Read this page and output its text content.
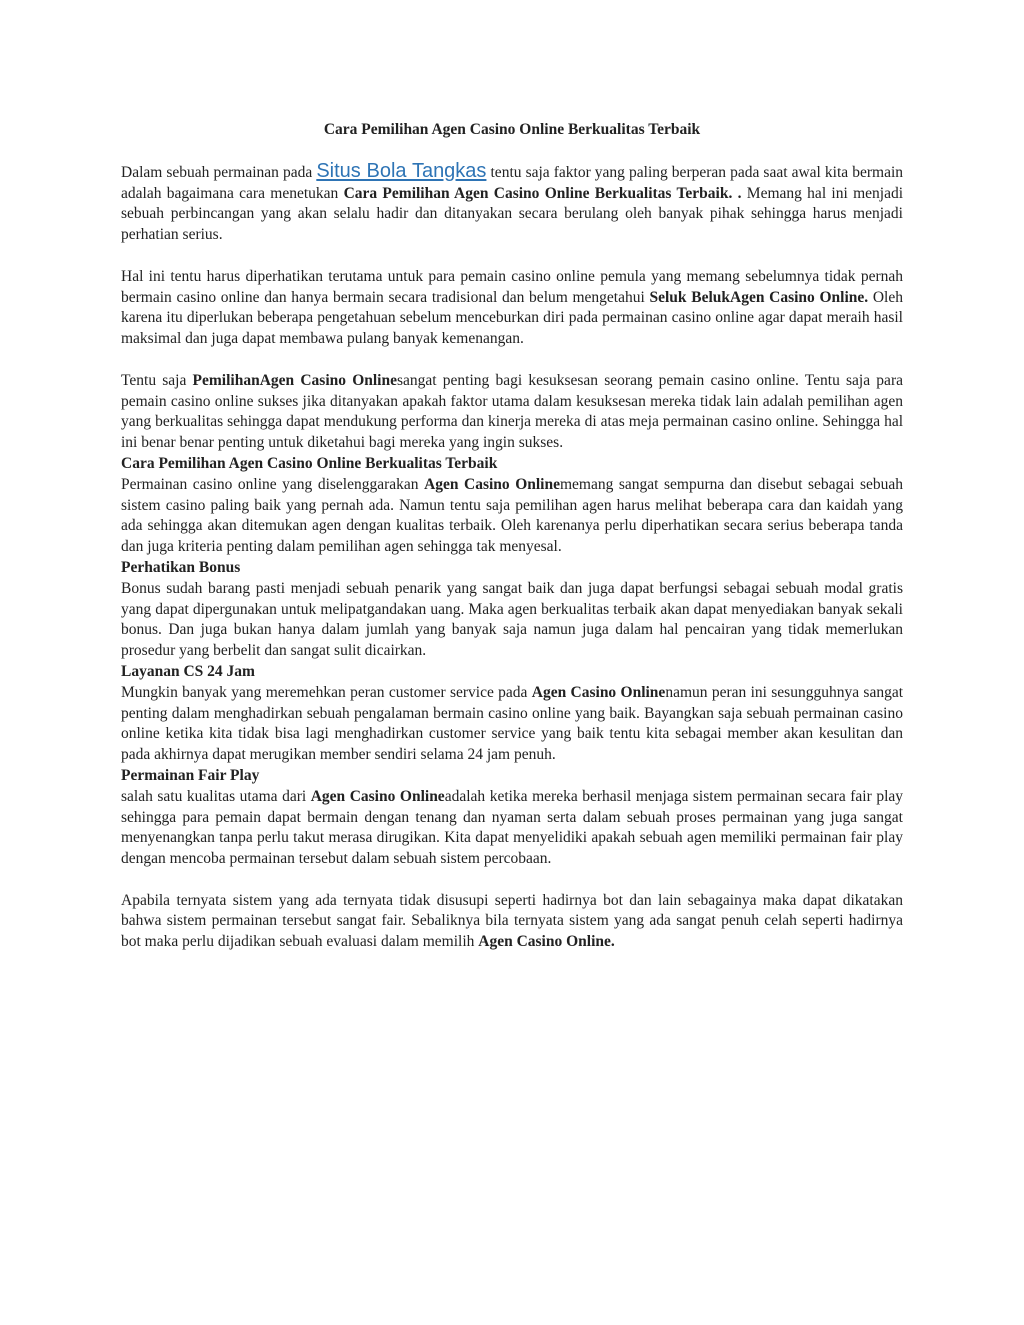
Cara Pemilihan Agen Casino Online Berkualitas Terbaik

Dalam sebuah permainan pada Situs Bola Tangkas tentu saja faktor yang paling berperan pada saat awal kita bermain adalah bagaimana cara menetukan Cara Pemilihan Agen Casino Online Berkualitas Terbaik. . Memang hal ini menjadi sebuah perbincangan yang akan selalu hadir dan ditanyakan secara berulang oleh banyak pihak sehingga harus menjadi perhatian serius.

Hal ini tentu harus diperhatikan terutama untuk para pemain casino online pemula yang memang sebelumnya tidak pernah bermain casino online dan hanya bermain secara tradisional dan belum mengetahui Seluk BelukAgen Casino Online. Oleh karena itu diperlukan beberapa pengetahuan sebelum menceburkan diri pada permainan casino online agar dapat meraih hasil maksimal dan juga dapat membawa pulang banyak kemenangan.

Tentu saja PemilihanAgen Casino Onlinesangat penting bagi kesuksesan seorang pemain casino online. Tentu saja para pemain casino online sukses jika ditanyakan apakah faktor utama dalam kesuksesan mereka tidak lain adalah pemilihan agen yang berkualitas sehingga dapat mendukung performa dan kinerja mereka di atas meja permainan casino online. Sehingga hal ini benar benar penting untuk diketahui bagi mereka yang ingin sukses.

Cara Pemilihan Agen Casino Online Berkualitas Terbaik

Permainan casino online yang diselenggarakan Agen Casino Onlinememang sangat sempurna dan disebut sebagai sebuah sistem casino paling baik yang pernah ada. Namun tentu saja pemilihan agen harus melihat beberapa cara dan kaidah yang ada sehingga akan ditemukan agen dengan kualitas terbaik. Oleh karenanya perlu diperhatikan secara serius beberapa tanda dan juga kriteria penting dalam pemilihan agen sehingga tak menyesal.

Perhatikan Bonus

Bonus sudah barang pasti menjadi sebuah penarik yang sangat baik dan juga dapat berfungsi sebagai sebuah modal gratis yang dapat dipergunakan untuk melipatgandakan uang. Maka agen berkualitas terbaik akan dapat menyediakan banyak sekali bonus. Dan juga bukan hanya dalam jumlah yang banyak saja namun juga dalam hal pencairan yang tidak memerlukan prosedur yang berbelit dan sangat sulit dicairkan.

Layanan CS 24 Jam

Mungkin banyak yang meremehkan peran customer service pada Agen Casino Onlinenamun peran ini sesungguhnya sangat penting dalam menghadirkan sebuah pengalaman bermain casino online yang baik. Bayangkan saja sebuah permainan casino online ketika kita tidak bisa lagi menghadirkan customer service yang baik tentu kita sebagai member akan kesulitan dan pada akhirnya dapat merugikan member sendiri selama 24 jam penuh.

Permainan Fair Play

salah satu kualitas utama dari Agen Casino Onlineadalah ketika mereka berhasil menjaga sistem permainan secara fair play sehingga para pemain dapat bermain dengan tenang dan nyaman serta dalam sebuah proses permainan yang juga sangat menyenangkan tanpa perlu takut merasa dirugikan. Kita dapat menyelidiki apakah sebuah agen memiliki permainan fair play dengan mencoba permainan tersebut dalam sebuah sistem percobaan.

Apabila ternyata sistem yang ada ternyata tidak disusupi seperti hadirnya bot dan lain sebagainya maka dapat dikatakan bahwa sistem permainan tersebut sangat fair. Sebaliknya bila ternyata sistem yang ada sangat penuh celah seperti hadirnya bot maka perlu dijadikan sebuah evaluasi dalam memilih Agen Casino Online.
